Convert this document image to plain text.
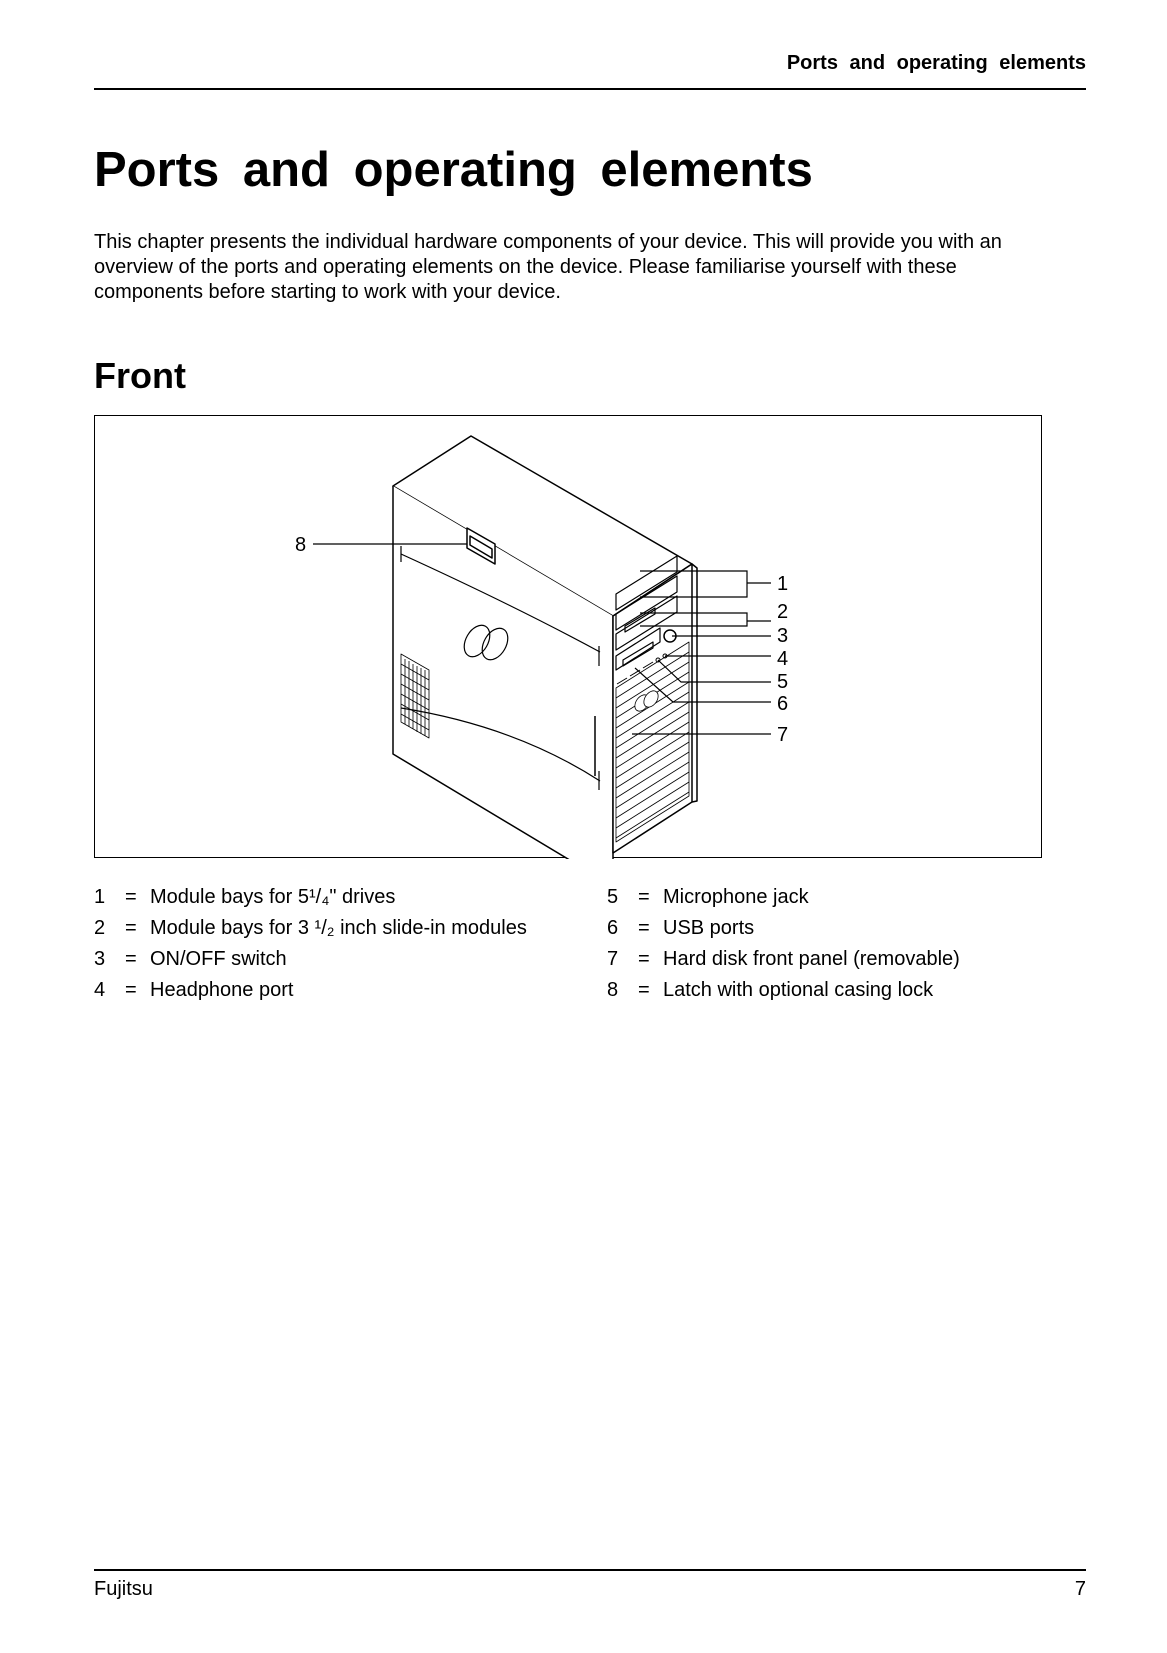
Ports and operating elements
Ports and operating elements

This chapter presents the individual hardware components of your device. This will provide you with an overview of the ports and operating elements on the device. Please familiarise yourself with these components before starting to work with your device.

Front
1
2
3
4
5
6
7
8
1 = Module bays for 5¹/₄" drives
2 = Module bays for 3 ¹/₂ inch slide-in modules
3 = ON/OFF switch
4 = Headphone port
5 = Microphone jack
6 = USB ports
7 = Hard disk front panel (removable)
8 = Latch with optional casing lock
Fujitsu	7
